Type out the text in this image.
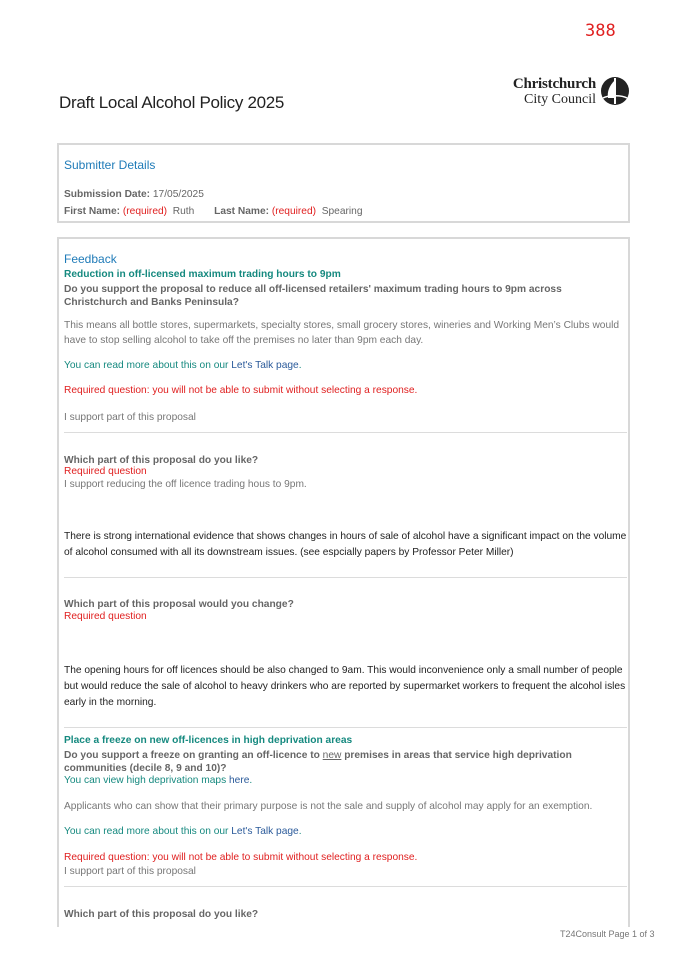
388
Draft Local Alcohol Policy 2025
Christchurch
City Council
Submitter Details
Submission Date: 17/05/2025
First Name: (required) Ruth Last Name: (required) Spearing
Feedback
Reduction in off-licensed maximum trading hours to 9pm
Do you support the proposal to reduce all off-licensed retailers' maximum trading hours to 9pm across Christchurch and Banks Peninsula?
This means all bottle stores, supermarkets, specialty stores, small grocery stores, wineries and Working Men’s Clubs would have to stop selling alcohol to take off the premises no later than 9pm each day.
You can read more about this on our Let's Talk page.
Required question: you will not be able to submit without selecting a response.
I support part of this proposal
Which part of this proposal do you like?
Required question
I support reducing the off licence trading hous to 9pm.
There is strong international evidence that shows changes in hours of sale of alcohol have a significant impact on the volume of alcohol consumed with all its downstream issues. (see espcially papers by Professor Peter Miller)
Which part of this proposal would you change?
Required question
The opening hours for off licences should be also changed to 9am. This would inconvenience only a small number of people but would reduce the sale of alcohol to heavy drinkers who are reported by supermarket workers to frequent the alcohol isles early in the morning.
Place a freeze on new off-licences in high deprivation areas
Do you support a freeze on granting an off-licence to new premises in areas that service high deprivation communities (decile 8, 9 and 10)?
You can view high deprivation maps here.
Applicants who can show that their primary purpose is not the sale and supply of alcohol may apply for an exemption.
You can read more about this on our Let's Talk page.
Required question: you will not be able to submit without selecting a response.
I support part of this proposal
Which part of this proposal do you like?
T24Consult Page 1 of 3
